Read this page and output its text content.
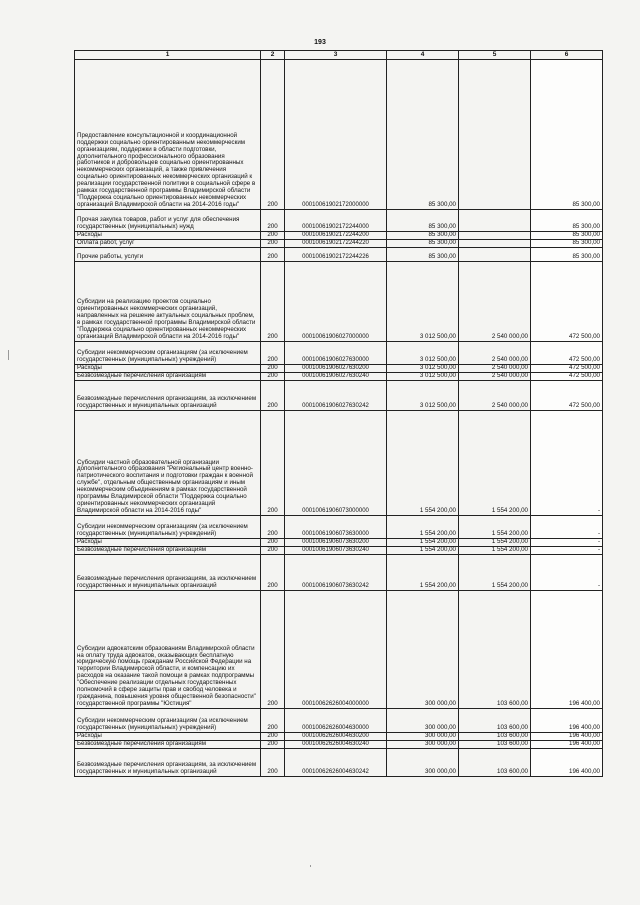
193
1	2	3	4	5	6
Предоставление консультационной и координационной поддержки социально ориентированным некоммерческим организациям, поддержки в области подготовки, дополнительного профессионального образования работников и добровольцев социально ориентированных некоммерческих организаций, а также привлечения социально ориентированных некоммерческих организаций к реализации государственной политики в социальной сфере в рамках государственной программы Владимирской области "Поддержка социально ориентированных некоммерческих организаций Владимирской области на 2014-2016 годы"	200	00010061902172000000	85 300,00		85 300,00
Прочая закупка товаров, работ и услуг для обеспечения государственных (муниципальных) нужд	200	00010061902172244000	85 300,00		85 300,00
Расходы	200	00010061902172244200	85 300,00		85 300,00
Оплата работ, услуг	200	00010061902172244220	85 300,00		85 300,00
Прочие работы, услуги	200	00010061902172244226	85 300,00		85 300,00
Субсидии на реализацию проектов социально ориентированных некоммерческих организаций, направленных на решение актуальных социальных проблем, в рамках государственной программы Владимирской области "Поддержка социально ориентированных некоммерческих организаций Владимирской области на 2014-2016 годы"	200	00010061906027000000	3 012 500,00	2 540 000,00	472 500,00
Субсидии некоммерческим организациям (за исключением государственных (муниципальных) учреждений)	200	00010061906027630000	3 012 500,00	2 540 000,00	472 500,00
Расходы	200	00010061906027630200	3 012 500,00	2 540 000,00	472 500,00
Безвозмездные перечисления организациям	200	00010061906027630240	3 012 500,00	2 540 000,00	472 500,00
Безвозмездные перечисления организациям, за исключением государственных и муниципальных организаций	200	00010061906027630242	3 012 500,00	2 540 000,00	472 500,00
Субсидии частной образовательной организации дополнительного образования "Региональный центр военно-патриотического воспитания и подготовки граждан к военной службе", отдельным общественным организациям и иным некоммерческим объединениям в рамках государственной программы Владимирской области "Поддержка социально ориентированных некоммерческих организаций Владимирской области на 2014-2016 годы"	200	00010061906073000000	1 554 200,00	1 554 200,00	-
Субсидии некоммерческим организациям (за исключением государственных (муниципальных) учреждений)	200	00010061906073630000	1 554 200,00	1 554 200,00	-
Расходы	200	00010061906073630200	1 554 200,00	1 554 200,00	-
Безвозмездные перечисления организациям	200	00010061906073630240	1 554 200,00	1 554 200,00	-
Безвозмездные перечисления организациям, за исключением государственных и муниципальных организаций	200	00010061906073630242	1 554 200,00	1 554 200,00	-
Субсидии адвокатским образованиям Владимирской области на оплату труда адвокатов, оказывающих бесплатную юридическую помощь гражданам Российской Федерации на территории Владимирской области, и компенсацию их расходов на оказание такой помощи в рамках подпрограммы "Обеспечение реализации отдельных государственных полномочий в сфере защиты прав и свобод человека и гражданина, повышения уровня общественной безопасности" государственной программы "Юстиция"	200	00010062626004000000	300 000,00	103 600,00	196 400,00
Субсидии некоммерческим организациям (за исключением государственных (муниципальных) учреждений)	200	00010062626004630000	300 000,00	103 600,00	196 400,00
Расходы	200	00010062626004630200	300 000,00	103 600,00	196 400,00
Безвозмездные перечисления организациям	200	00010062626004630240	300 000,00	103 600,00	196 400,00
Безвозмездные перечисления организациям, за исключением государственных и муниципальных организаций	200	00010062626004630242	300 000,00	103 600,00	196 400,00
